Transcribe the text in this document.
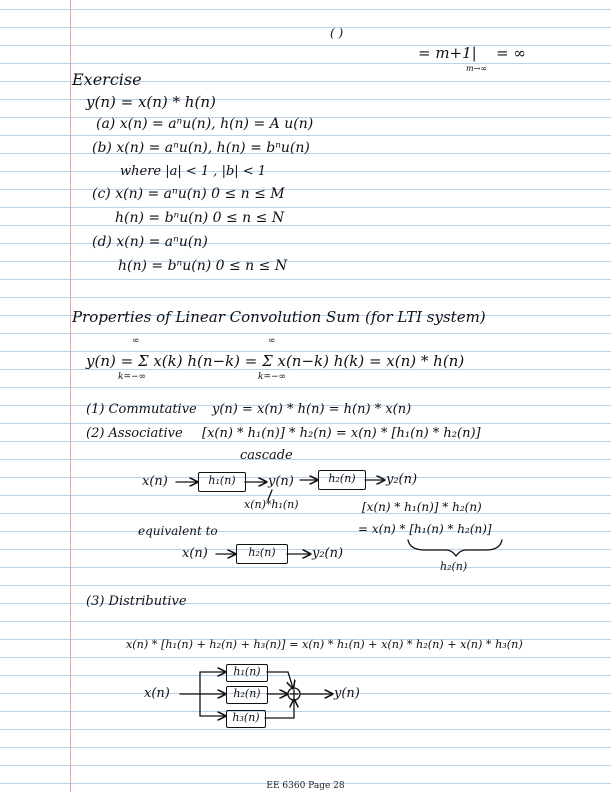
( )
= m+1|
m→∞
= ∞
Exercise
y(n) = x(n) * h(n)
(a) x(n) = aⁿu(n), h(n) = A u(n)
(b) x(n) = aⁿu(n), h(n) = bⁿu(n)
where |a| < 1 , |b| < 1
(c) x(n) = aⁿu(n) 0 ≤ n ≤ M
h(n) = bⁿu(n) 0 ≤ n ≤ N
(d) x(n) = aⁿu(n)
h(n) = bⁿu(n) 0 ≤ n ≤ N
Properties of Linear Convolution Sum (for LTI system)
∞	∞
y(n) = Σ x(k) h(n−k) = Σ x(n−k) h(k) = x(n) * h(n)
k=−∞	k=−∞
(1) Commutative y(n) = x(n) * h(n) = h(n) * x(n)
(2) Associative [x(n) * h₁(n)] * h₂(n) = x(n) * [h₁(n) * h₂(n)]
cascade
x(n)	h₁(n)	y(n)	h₂(n)	y₂(n)
x(n)*h₁(n)	[x(n) * h₁(n)] * h₂(n)
= x(n) * [h₁(n) * h₂(n)]
h₂(n)
equivalent to
x(n)	h₂(n)	y₂(n)
(3) Distributive
x(n) * [h₁(n) + h₂(n) + h₃(n)] = x(n) * h₁(n) + x(n) * h₂(n) + x(n) * h₃(n)
x(n)
h₁(n)
h₂(n)
h₃(n)
y(n)
EE 6360 Page 28
